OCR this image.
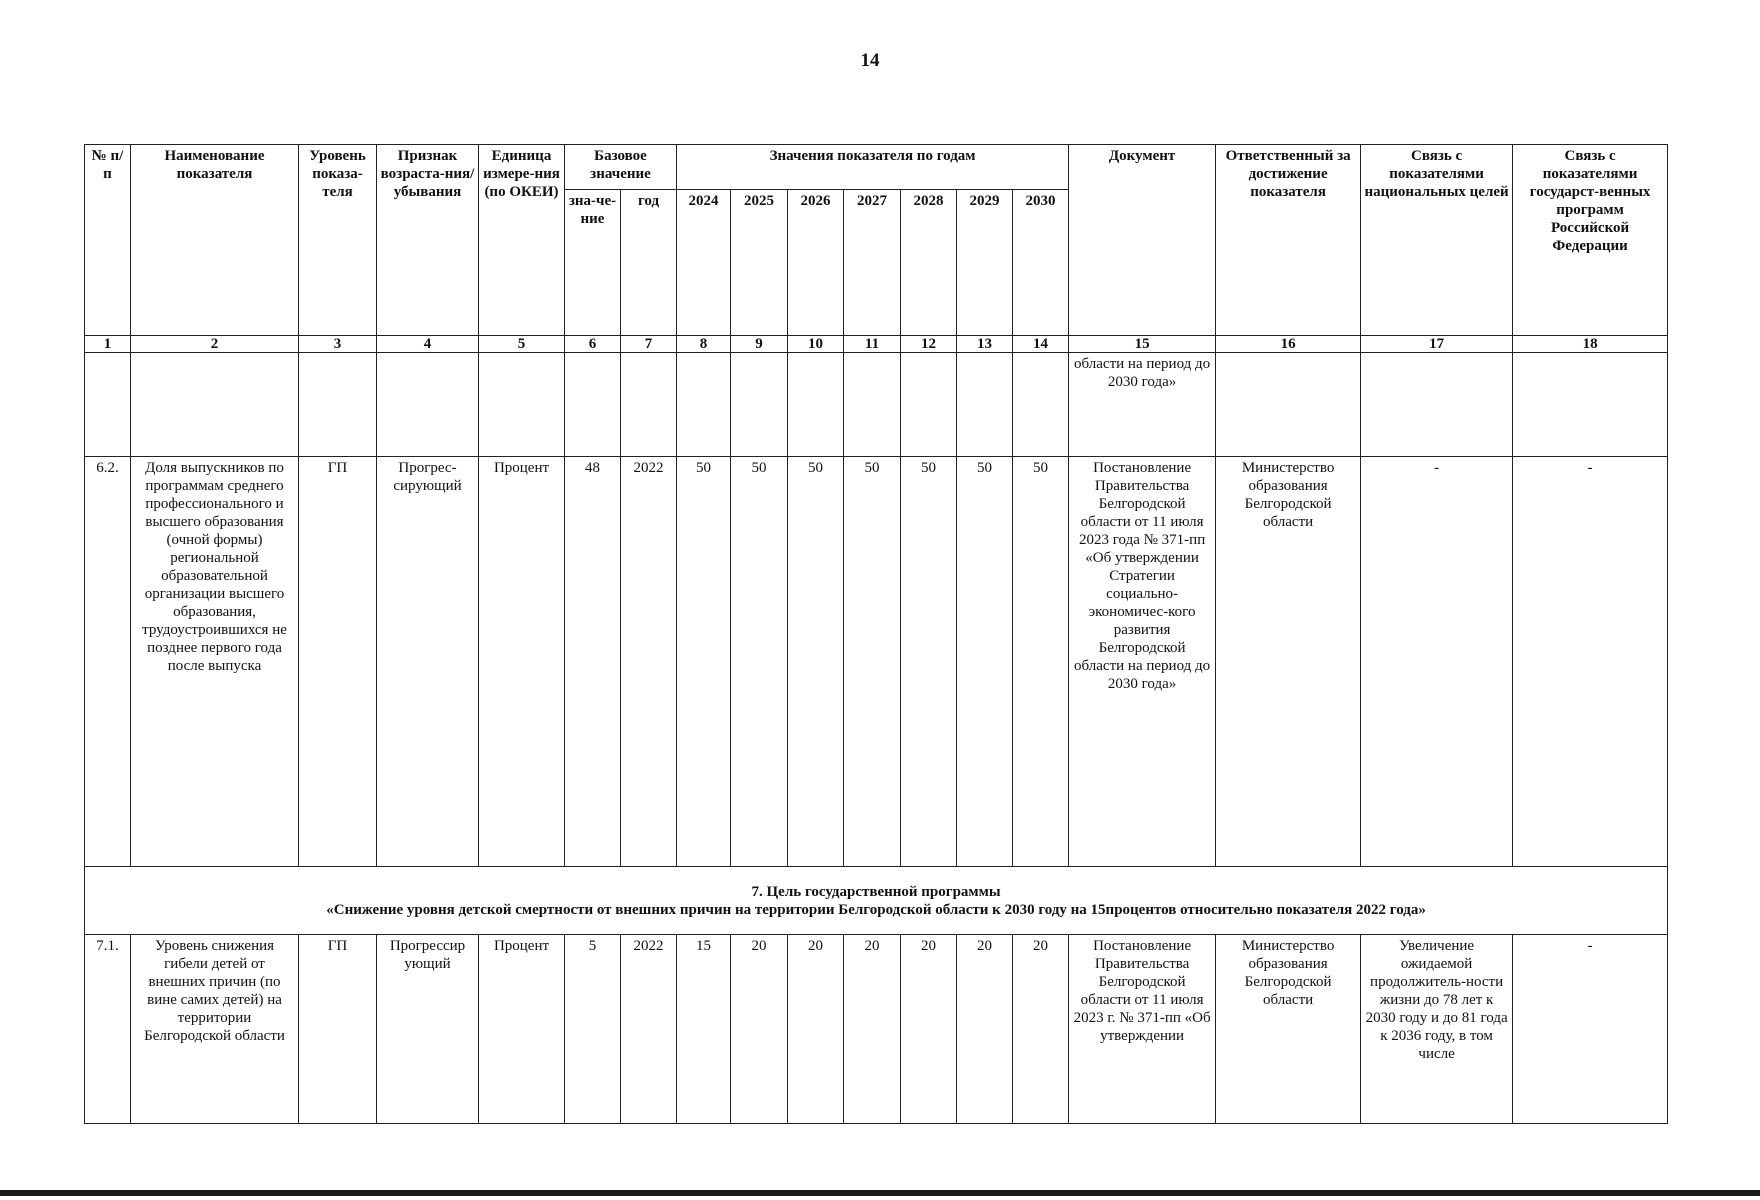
14
№ п/п	Наименование показателя	Уровень показа-теля	Признак возраста-ния/ убывания	Единица измере-ния (по ОКЕИ)	Базовое значение		Значения показателя по годам							Документ	Ответственный за достижение показателя	Связь с показателями национальных целей	Связь с показателями государст-венных программ Российской Федерации
					зна-че-ние	год	2024	2025	2026	2027	2028	2029	2030				
1	2	3	4	5	6	7	8	9	10	11	12	13	14	15	16	17	18
														области на период до 2030 года»			
6.2.	Доля выпускников по программам среднего профессионального и высшего образования (очной формы) региональной образовательной организации высшего образования, трудоустроившихся не позднее первого года после выпуска	ГП	Прогрес-сирующий	Процент	48	2022	50	50	50	50	50	50	50	Постановление Правительства Белгородской области от 11 июля 2023 года № 371-пп «Об утверждении Стратегии социально-экономичес-кого развития Белгородской области на период до 2030 года»	Министерство образования Белгородской области	-	-

7. Цель государственной программы
«Снижение уровня детской смертности от внешних причин на территории Белгородской области к 2030 году на 15процентов относительно показателя 2022 года»																	

7.1.	Уровень снижения гибели детей от внешних причин (по вине самих детей) на территории Белгородской области	ГП	Прогрессир ующий	Процент	5	2022	15	20	20	20	20	20	20	Постановление Правительства Белгородской области от 11 июля 2023 г. № 371-пп «Об утверждении	Министерство образования Белгородской области	Увеличение ожидаемой продолжитель-ности жизни до 78 лет к 2030 году и до 81 года к 2036 году, в том числе	-
